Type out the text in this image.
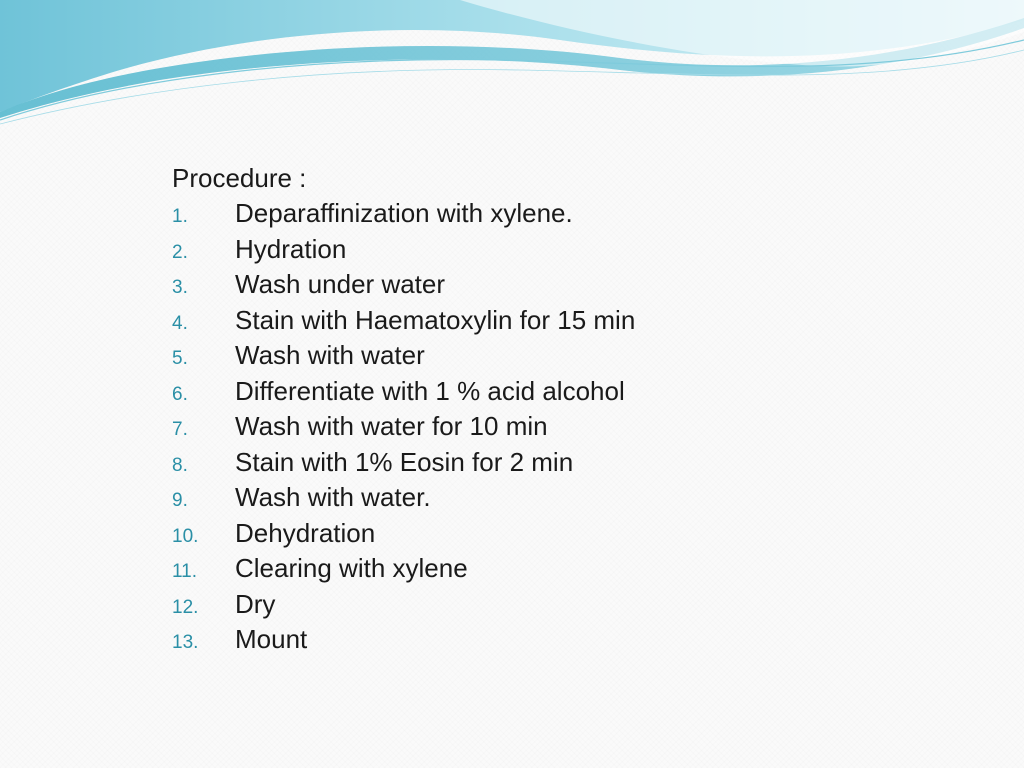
Procedure :
1.	Deparaffinization with xylene.
2.	Hydration
3.	Wash under water
4.	Stain with Haematoxylin for 15 min
5.	Wash with water
6.	Differentiate with 1 % acid alcohol
7.	Wash with water for 10 min
8.	Stain with 1% Eosin for 2 min
9.	Wash with water.
10.	Dehydration
11.	Clearing with xylene
12.	Dry
13.	Mount
